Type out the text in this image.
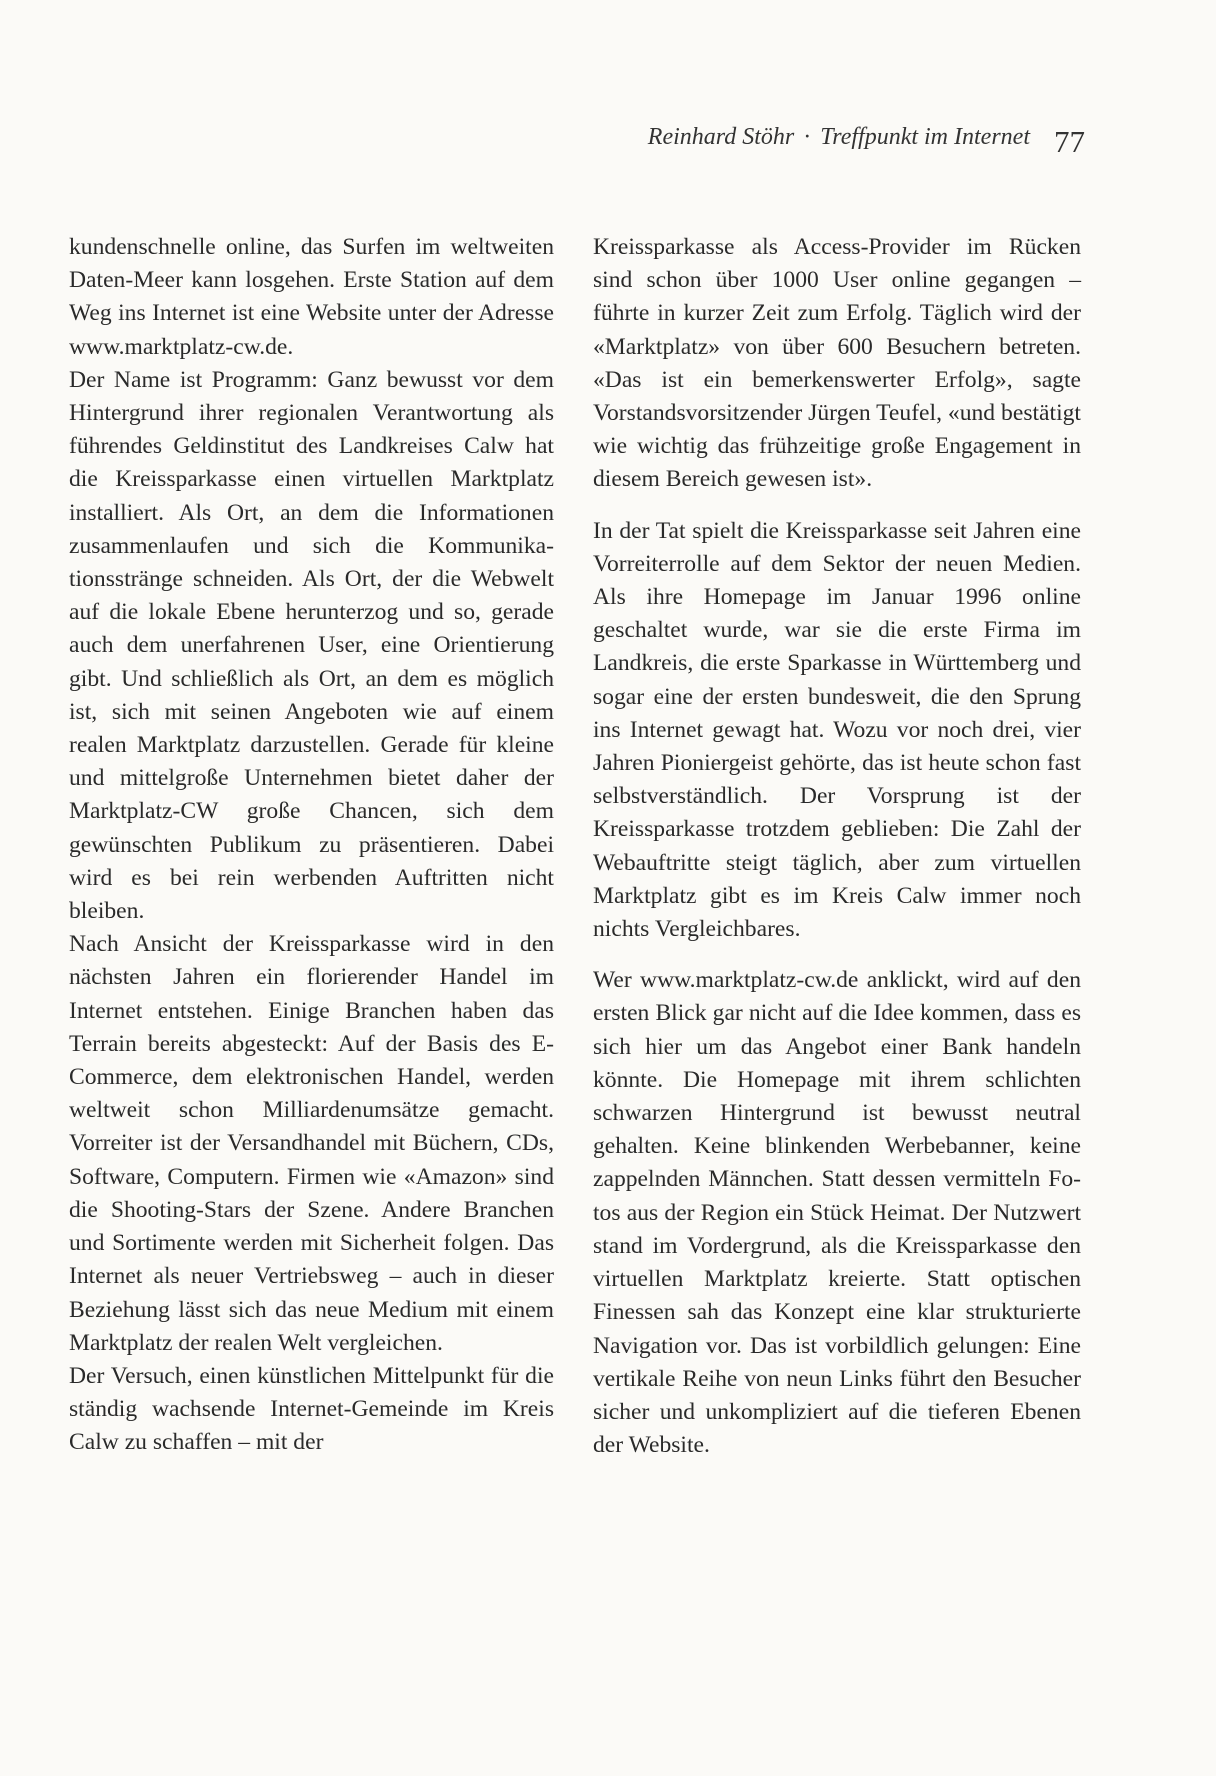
Reinhard Stöhr · Treffpunkt im Internet 77

kundenschnelle online, das Surfen im weltweiten Daten-Meer kann losgehen. Erste Station auf dem Weg ins Internet ist eine Website unter der Adresse www.marktplatz-cw.de.

Der Name ist Programm: Ganz bewusst vor dem Hintergrund ihrer regionalen Verantwortung als führendes Geldinstitut des Landkreises Calw hat die Kreissparkasse einen virtuellen Marktplatz installiert. Als Ort, an dem die Informationen zusammenlaufen und sich die Kommunikationsstränge schneiden. Als Ort, der die Webwelt auf die lokale Ebene herunterzog und so, gerade auch dem unerfahrenen User, eine Orientierung gibt. Und schließlich als Ort, an dem es möglich ist, sich mit seinen Angeboten wie auf einem realen Marktplatz darzustellen. Gerade für kleine und mittelgroße Unternehmen bietet daher der Marktplatz-CW große Chancen, sich dem gewünschten Publikum zu präsentieren. Dabei wird es bei rein werbenden Auftritten nicht bleiben.

Nach Ansicht der Kreissparkasse wird in den nächsten Jahren ein florierender Handel im Internet entstehen. Einige Branchen haben das Terrain bereits abgesteckt: Auf der Basis des E-Commerce, dem elektronischen Handel, werden weltweit schon Milliardenumsätze gemacht. Vorreiter ist der Versandhandel mit Büchern, CDs, Software, Computern. Firmen wie «Amazon» sind die Shooting-Stars der Szene. Andere Branchen und Sortimente werden mit Sicherheit folgen. Das Internet als neuer Vertriebsweg – auch in dieser Beziehung lässt sich das neue Medium mit einem Marktplatz der realen Welt vergleichen.

Der Versuch, einen künstlichen Mittelpunkt für die ständig wachsende Internet-Gemeinde im Kreis Calw zu schaffen – mit der

Kreissparkasse als Access-Provider im Rücken sind schon über 1000 User online gegangen – führte in kurzer Zeit zum Erfolg. Täglich wird der «Marktplatz» von über 600 Besuchern betreten. «Das ist ein bemerkenswerter Erfolg», sagte Vorstandsvorsitzender Jürgen Teufel, «und bestätigt wie wichtig das frühzeitige große Engagement in diesem Bereich gewesen ist».

In der Tat spielt die Kreissparkasse seit Jahren eine Vorreiterrolle auf dem Sektor der neuen Medien. Als ihre Homepage im Januar 1996 online geschaltet wurde, war sie die erste Firma im Landkreis, die erste Sparkasse in Württemberg und sogar eine der ersten bundesweit, die den Sprung ins Internet gewagt hat. Wozu vor noch drei, vier Jahren Pioniergeist gehörte, das ist heute schon fast selbstverständlich. Der Vorsprung ist der Kreissparkasse trotzdem geblieben: Die Zahl der Webauftritte steigt täglich, aber zum virtuellen Marktplatz gibt es im Kreis Calw immer noch nichts Vergleichbares.

Wer www.marktplatz-cw.de anklickt, wird auf den ersten Blick gar nicht auf die Idee kommen, dass es sich hier um das Angebot einer Bank handeln könnte. Die Homepage mit ihrem schlichten schwarzen Hintergrund ist bewusst neutral gehalten. Keine blinkenden Werbebanner, keine zappelnden Männchen. Statt dessen vermitteln Fotos aus der Region ein Stück Heimat. Der Nutzwert stand im Vordergrund, als die Kreissparkasse den virtuellen Marktplatz kreierte. Statt optischen Finessen sah das Konzept eine klar strukturierte Navigation vor. Das ist vorbildlich gelungen: Eine vertikale Reihe von neun Links führt den Besucher sicher und unkompliziert auf die tieferen Ebenen der Website.
